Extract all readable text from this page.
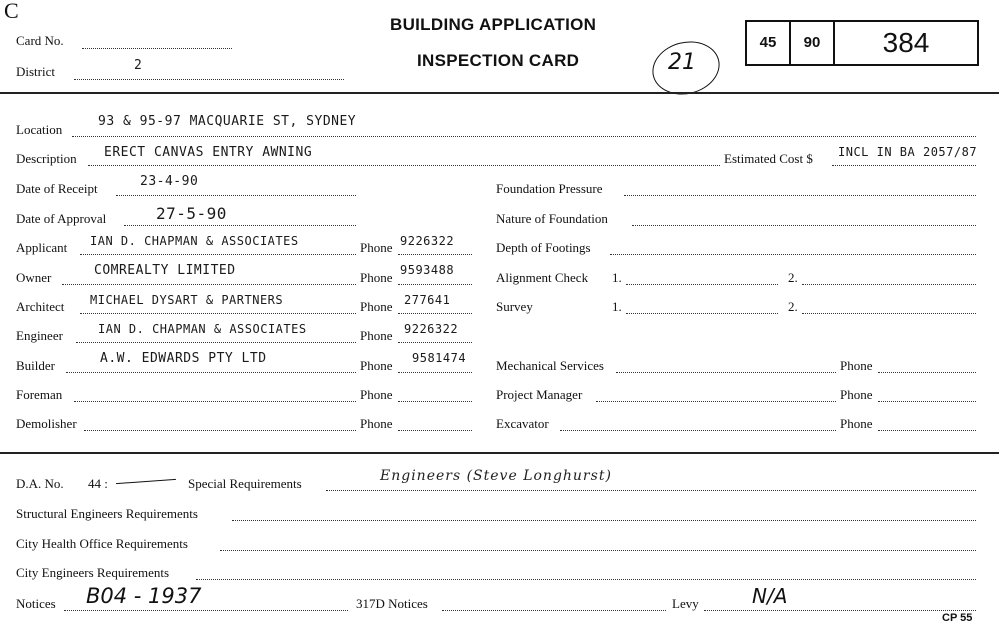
C
Card No.
District	2
BUILDING APPLICATION
INSPECTION CARD	21
45	90	384
Location
93 & 95-97 MACQUARIE ST, SYDNEY
Description ERECT CANVAS ENTRY AWNING	Estimated Cost $ INCL IN BA 2057/87
Date of Receipt	23-4-90
Date of Approval	27-5-90
Applicant IAN D. CHAPMAN & ASSOCIATES	Phone 9226322
Owner	COMREALTY LIMITED	Phone 9593488
Architect MICHAEL DYSART & PARTNERS	Phone 277641
Engineer	IAN D. CHAPMAN & ASSOCIATES	Phone 9226322
Builder	A.W. EDWARDS PTY LTD	Phone 9581474
Foreman	Phone
Demolisher	Phone
Foundation Pressure
Nature of Foundation
Depth of Footings
Alignment Check 1.	2.
Survey	1.	2.
Mechanical Services	Phone
Project Manager	Phone
Excavator	Phone
D.A. No. 44 :	Special Requirements	Engineers (Steve Longhurst)
Structural Engineers Requirements
City Health Office Requirements
City Engineers Requirements
Notices B04 - 1937	317D Notices	Levy	N/A
CP 55
